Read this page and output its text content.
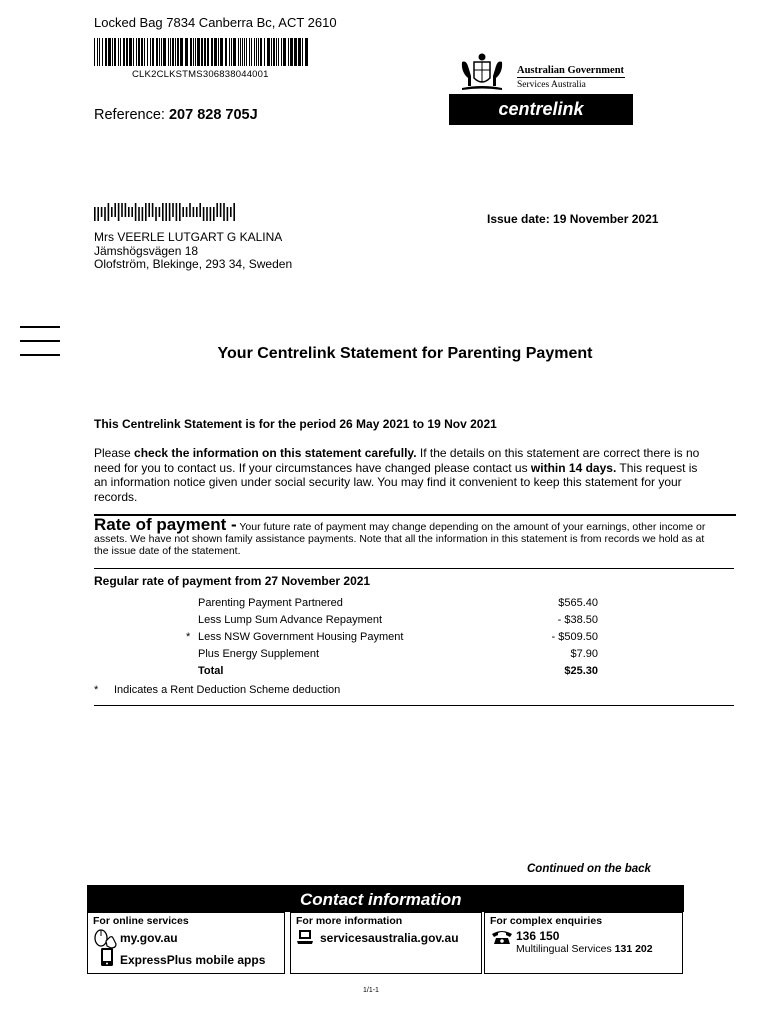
Locked Bag 7834 Canberra Bc, ACT 2610
CLK2CLKSTMS306838044001
Reference: 207 828 705J
Australian Government
Services Australia
centrelink
Issue date: 19 November 2021
Mrs VEERLE LUTGART G KALINA
Jämshögsvägen 18
Olofström, Blekinge, 293 34, Sweden
Your Centrelink Statement for Parenting Payment
This Centrelink Statement is for the period 26 May 2021 to 19 Nov 2021
Please check the information on this statement carefully. If the details on this statement are correct there is no need for you to contact us. If your circumstances have changed please contact us within 14 days. This request is an information notice given under social security law. You may find it convenient to keep this statement for your records.
Rate of payment - Your future rate of payment may change depending on the amount of your earnings, other income or assets. We have not shown family assistance payments. Note that all the information in this statement is from records we hold as at the issue date of the statement.
Regular rate of payment from 27 November 2021
Parenting Payment Partnered	$565.40
Less Lump Sum Advance Repayment	- $38.50
* Less NSW Government Housing Payment	- $509.50
Plus Energy Supplement	$7.90
Total	$25.30
* Indicates a Rent Deduction Scheme deduction
Continued on the back
Contact information
For online services
my.gov.au
ExpressPlus mobile apps
For more information
servicesaustralia.gov.au
For complex enquiries
136 150
Multilingual Services 131 202
1/1-1
